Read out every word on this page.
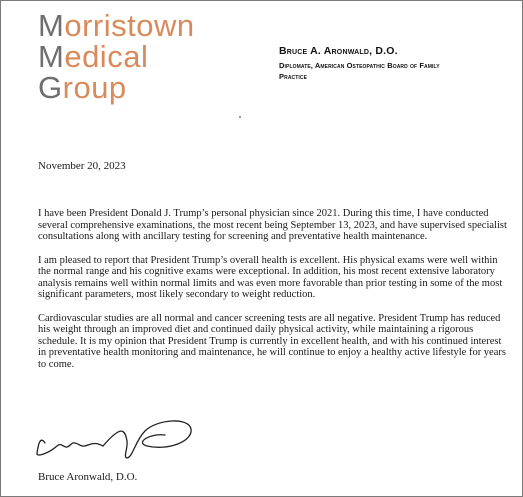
Morristown
Medical
Group
Bruce A. Aronwald, D.O.
Diplomate, American Osteopathic Board of Family
Practice
November 20, 2023

I have been President Donald J. Trump’s personal physician since 2021. During this time, I have conducted several comprehensive examinations, the most recent being September 13, 2023, and have supervised specialist consultations along with ancillary testing for screening and preventative health maintenance.

I am pleased to report that President Trump’s overall health is excellent. His physical exams were well within the normal range and his cognitive exams were exceptional. In addition, his most recent extensive laboratory analysis remains well within normal limits and was even more favorable than prior testing in some of the most significant parameters, most likely secondary to weight reduction.

Cardiovascular studies are all normal and cancer screening tests are all negative. President Trump has reduced his weight through an improved diet and continued daily physical activity, while maintaining a rigorous schedule. It is my opinion that President Trump is currently in excellent health, and with his continued interest in preventative health monitoring and maintenance, he will continue to enjoy a healthy active lifestyle for years to come.

Bruce Aronwald, D.O.
